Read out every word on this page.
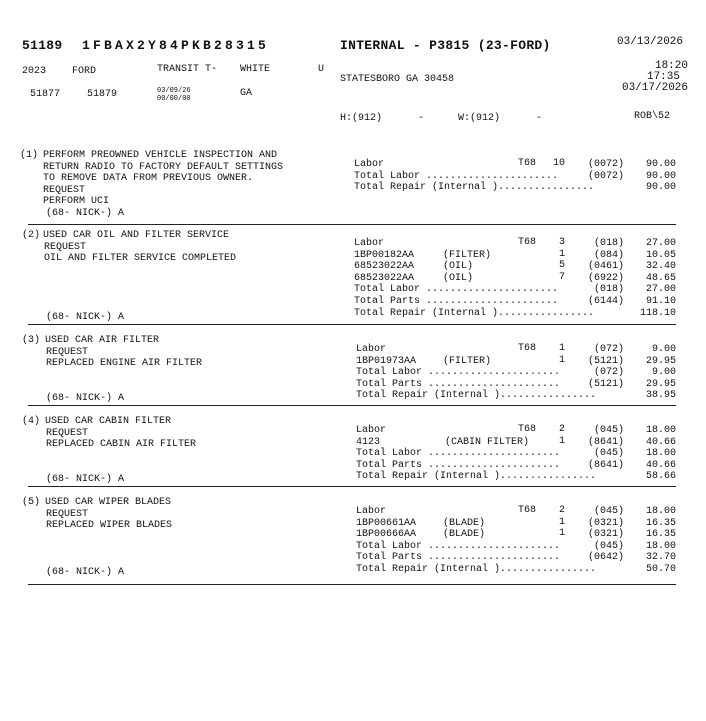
51189 1FBAX2Y84PKB28315	INTERNAL - P3815 (23-FORD)	03/13/2026
2023	FORD	TRANSIT T- WHITE	U	18:20
STATESBORO GA 30458	17:35
03/17/2026
51877	51879	03/09/26
00/00/00	GA
H:(912)	-	W:(912)	-	ROB\52
(1) PERFORM PREOWNED VEHICLE INSPECTION AND
RETURN RADIO TO FACTORY DEFAULT SETTINGS
TO REMOVE DATA FROM PREVIOUS OWNER.
REQUEST
PERFORM UCI
(68- NICK-) A
Labor	T68	10	(0072)	90.00
Total Labor ......................	(0072)	90.00
Total Repair (Internal )................	90.00
(2) USED CAR OIL AND FILTER SERVICE
REQUEST
OIL AND FILTER SERVICE COMPLETED
(68- NICK-) A
Labor	T68	3	(018)	27.00
1BP00182AA	(FILTER)	1	(084)	10.05
68523022AA	(OIL)	5	(0461)	32.40
68523022AA	(OIL)	7	(6922)	48.65
Total Labor ......................	(018)	27.00
Total Parts ......................	(6144)	91.10
Total Repair (Internal )................	118.10
(3) USED CAR AIR FILTER
REQUEST
REPLACED ENGINE AIR FILTER
(68- NICK-) A
Labor	T68	1	(072)	9.00
1BP01973AA	(FILTER)	1	(5121)	29.95
Total Labor ......................	(072)	9.00
Total Parts ......................	(5121)	29.95
Total Repair (Internal )................	38.95
(4) USED CAR CABIN FILTER
REQUEST
REPLACED CABIN AIR FILTER
(68- NICK-) A
Labor	T68	2	(045)	18.00
4123	(CABIN FILTER)	1	(8641)	40.66
Total Labor ......................	(045)	18.00
Total Parts ......................	(8641)	40.66
Total Repair (Internal )................	58.66
(5) USED CAR WIPER BLADES
REQUEST
REPLACED WIPER BLADES
(68- NICK-) A
Labor	T68	2	(045)	18.00
1BP00661AA	(BLADE)	1	(0321)	16.35
1BP00666AA	(BLADE)	1	(0321)	16.35
Total Labor ......................	(045)	18.00
Total Parts ......................	(0642)	32.70
Total Repair (Internal )................	50.70
